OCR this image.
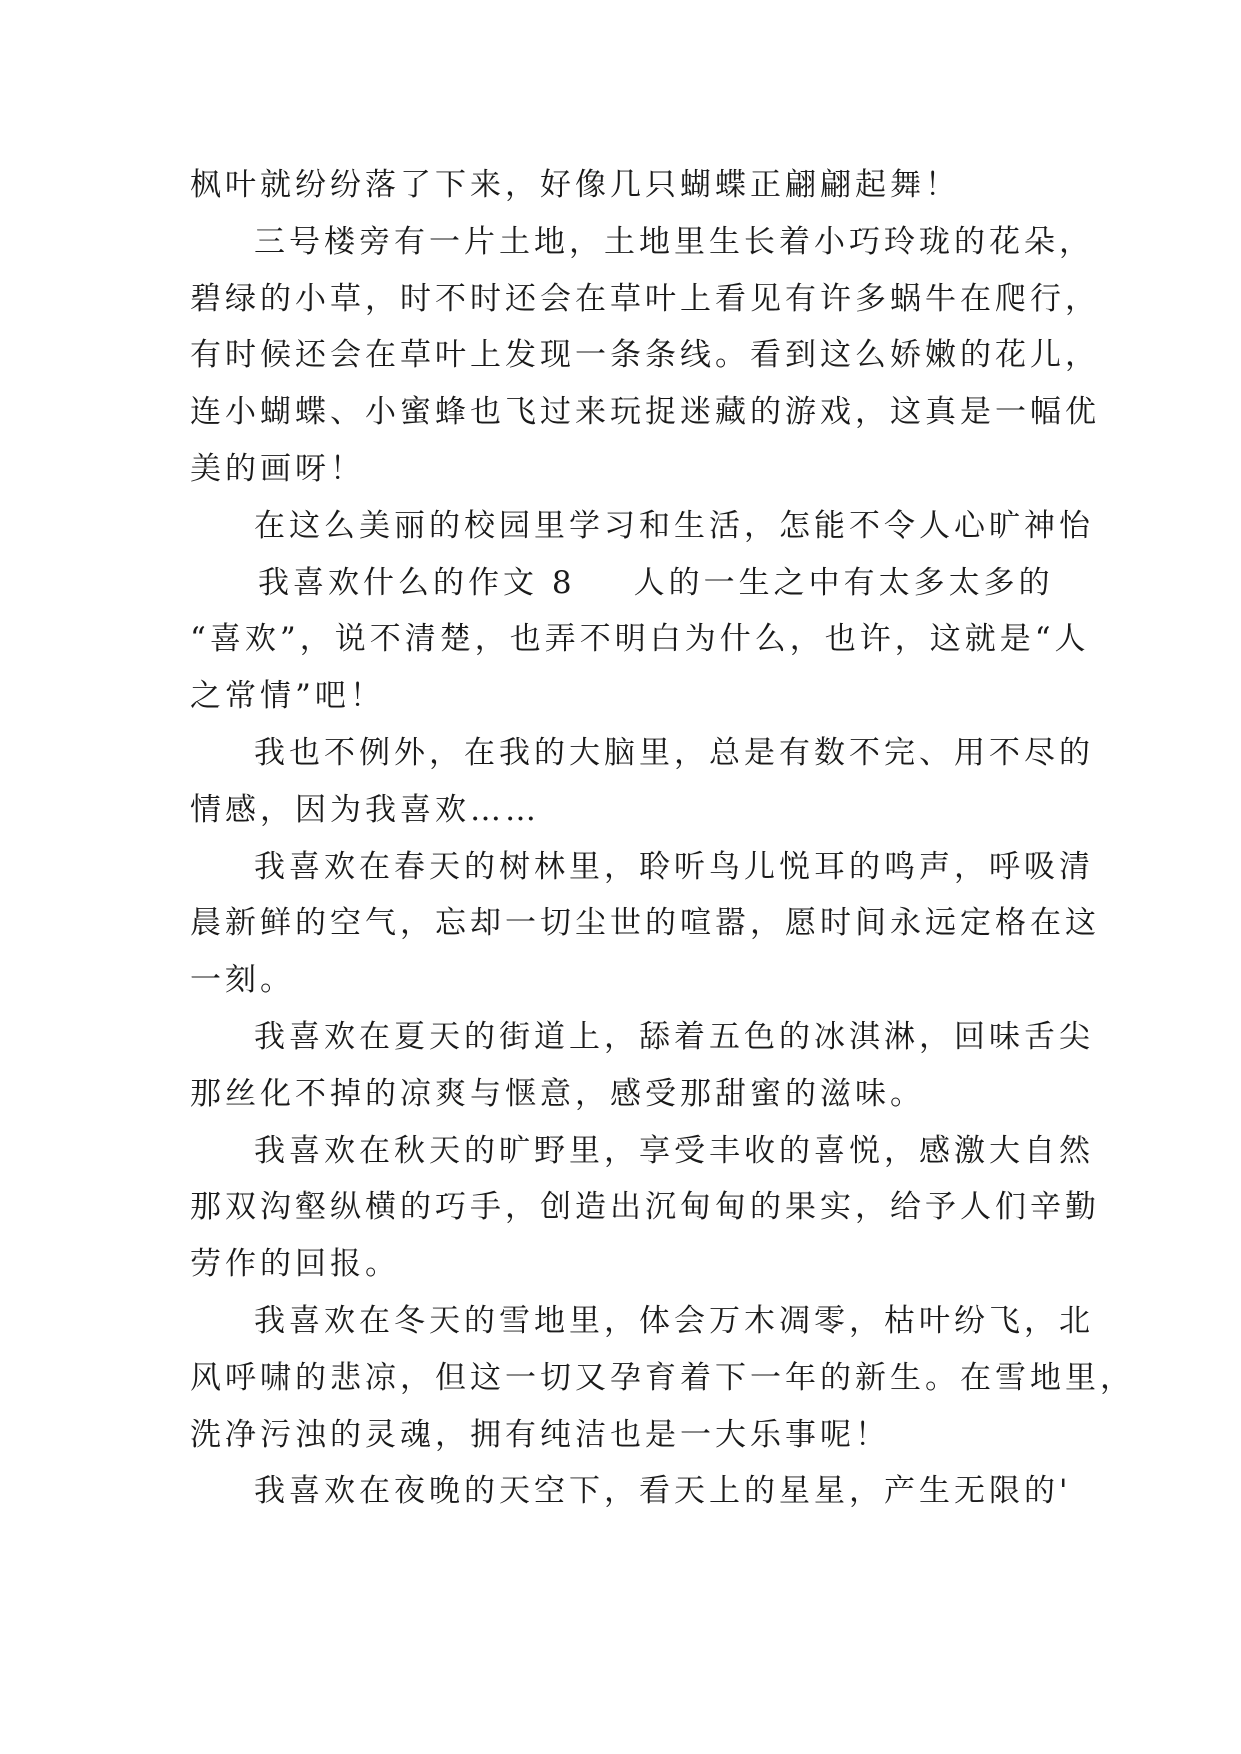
枫叶就纷纷落了下来，好像几只蝴蝶正翩翩起舞！
三号楼旁有一片土地，土地里生长着小巧玲珑的花朵，
碧绿的小草，时不时还会在草叶上看见有许多蜗牛在爬行，
有时候还会在草叶上发现一条条线。看到这么娇嫩的花儿，
连小蝴蝶、小蜜蜂也飞过来玩捉迷藏的游戏，这真是一幅优
美的画呀！
在这么美丽的校园里学习和生活，怎能不令人心旷神怡
我喜欢什么的作文 8 人的一生之中有太多太多的
“喜欢”，说不清楚，也弄不明白为什么，也许，这就是“人
之常情”吧！
我也不例外，在我的大脑里，总是有数不完、用不尽的
情感，因为我喜欢……
我喜欢在春天的树林里，聆听鸟儿悦耳的鸣声，呼吸清
晨新鲜的空气，忘却一切尘世的喧嚣，愿时间永远定格在这
一刻。
我喜欢在夏天的街道上，舔着五色的冰淇淋，回味舌尖
那丝化不掉的凉爽与惬意，感受那甜蜜的滋味。
我喜欢在秋天的旷野里，享受丰收的喜悦，感激大自然
那双沟壑纵横的巧手，创造出沉甸甸的果实，给予人们辛勤
劳作的回报。
我喜欢在冬天的雪地里，体会万木凋零，枯叶纷飞，北
风呼啸的悲凉，但这一切又孕育着下一年的新生。在雪地里，
洗净污浊的灵魂，拥有纯洁也是一大乐事呢！
我喜欢在夜晚的天空下，看天上的星星，产生无限的'
